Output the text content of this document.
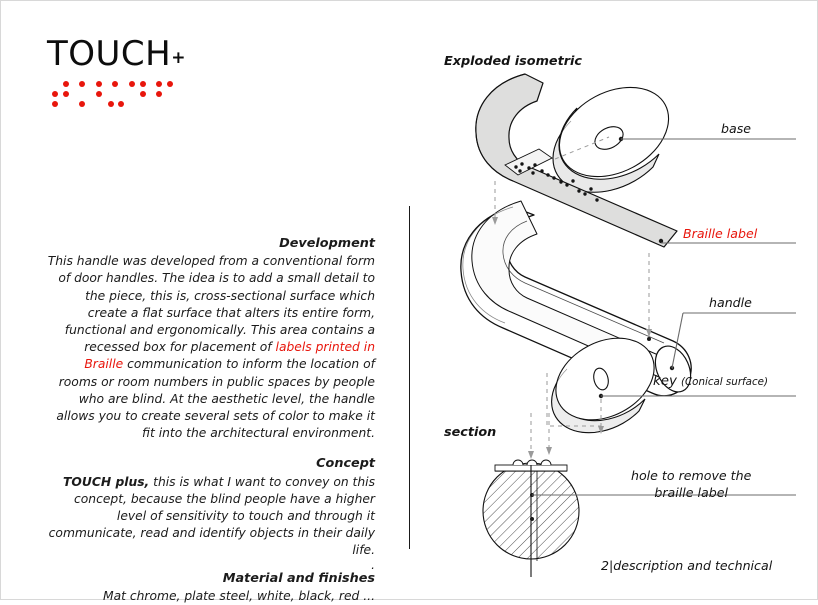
TOUCH+
Development
This handle was developed from a conventional form of door handles. The idea is to add a small detail to the piece, this is, cross-sectional surface which create a flat surface that alters its entire form, functional and ergonomically. This area contains a recessed box for placement of labels printed in Braille communication to inform the location of rooms or room numbers in public spaces by people who are blind. At the aesthetic level, the handle allows you to create several sets of color to make it fit into the architectural environment.
Concept
TOUCH plus, this is what I want to convey on this concept, because the blind people have a higher level of sensitivity to touch and through it communicate, read and identify objects in their daily life.
.
Material and finishes
Mat chrome, plate steel, white, black, red ...
Exploded isometric
section
base
Braille label
handle
key (Conical surface)
hole to remove the
braille label
2|description and technical
